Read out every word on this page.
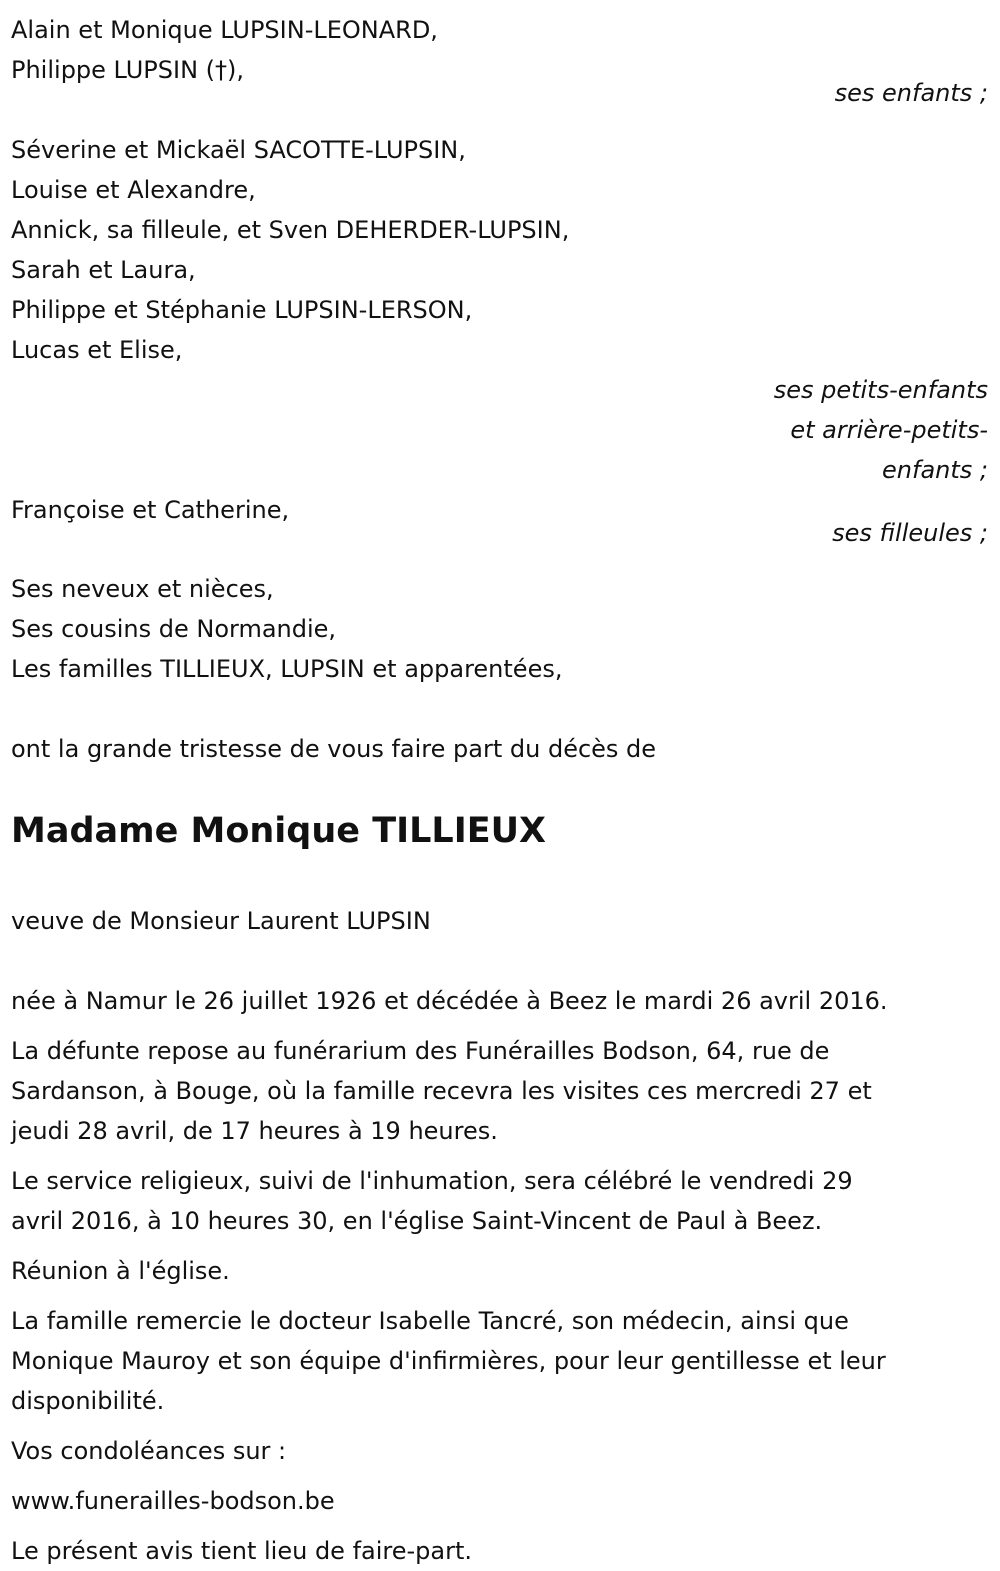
Alain et Monique LUPSIN-LEONARD,
Philippe LUPSIN (†),
ses enfants ;
Séverine et Mickaël SACOTTE-LUPSIN,
Louise et Alexandre,
Annick, sa filleule, et Sven DEHERDER-LUPSIN,
Sarah et Laura,
Philippe et Stéphanie LUPSIN-LERSON,
Lucas et Elise,
ses petits-enfants
et arrière-petits-
enfants ;
Françoise et Catherine,
ses filleules ;
Ses neveux et nièces,
Ses cousins de Normandie,
Les familles TILLIEUX, LUPSIN et apparentées,
ont la grande tristesse de vous faire part du décès de
Madame Monique TILLIEUX
veuve de Monsieur Laurent LUPSIN
née à Namur le 26 juillet 1926 et décédée à Beez le mardi 26 avril 2016.
La défunte repose au funérarium des Funérailles Bodson, 64, rue de
Sardanson, à Bouge, où la famille recevra les visites ces mercredi 27 et
jeudi 28 avril, de 17 heures à 19 heures.
Le service religieux, suivi de l'inhumation, sera célébré le vendredi 29
avril 2016, à 10 heures 30, en l'église Saint-Vincent de Paul à Beez.
Réunion à l'église.
La famille remercie le docteur Isabelle Tancré, son médecin, ainsi que
Monique Mauroy et son équipe d'infirmières, pour leur gentillesse et leur
disponibilité.
Vos condoléances sur :
www.funerailles-bodson.be
Le présent avis tient lieu de faire-part.
